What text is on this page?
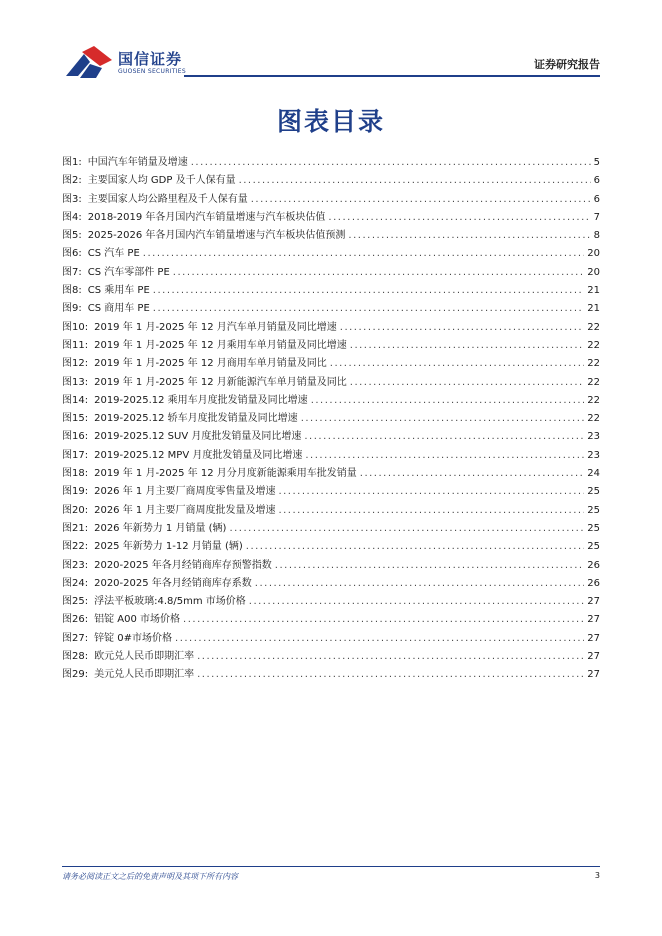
国信证券
GUOSEN SECURITIES
证券研究报告
图表目录
图1: 中国汽车年销量及增速 .....	5
图2: 主要国家人均 GDP 及千人保有量 .....	6
图3: 主要国家人均公路里程及千人保有量 .....	6
图4: 2018-2019 年各月国内汽车销量增速与汽车板块估值 .....	7
图5: 2025-2026 年各月国内汽车销量增速与汽车板块估值预测 .....	8
图6: CS 汽车 PE .....	20
图7: CS 汽车零部件 PE .....	20
图8: CS 乘用车 PE .....	21
图9: CS 商用车 PE .....	21
图10: 2019 年 1 月-2025 年 12 月汽车单月销量及同比增速 .....	22
图11: 2019 年 1 月-2025 年 12 月乘用车单月销量及同比增速 .....	22
图12: 2019 年 1 月-2025 年 12 月商用车单月销量及同比 .....	22
图13: 2019 年 1 月-2025 年 12 月新能源汽车单月销量及同比 .....	22
图14: 2019-2025.12 乘用车月度批发销量及同比增速 .....	22
图15: 2019-2025.12 轿车月度批发销量及同比增速 .....	22
图16: 2019-2025.12 SUV 月度批发销量及同比增速 .....	23
图17: 2019-2025.12 MPV 月度批发销量及同比增速 .....	23
图18: 2019 年 1 月-2025 年 12 月分月度新能源乘用车批发销量 .....	24
图19: 2026 年 1 月主要厂商周度零售量及增速 .....	25
图20: 2026 年 1 月主要厂商周度批发量及增速 .....	25
图21: 2026 年新势力 1 月销量 (辆) .....	25
图22: 2025 年新势力 1-12 月销量 (辆) .....	25
图23: 2020-2025 年各月经销商库存预警指数 .....	26
图24: 2020-2025 年各月经销商库存系数 .....	26
图25: 浮法平板玻璃:4.8/5mm 市场价格 .....	27
图26: 铝锭 A00 市场价格 .....	27
图27: 锌锭 0#市场价格 .....	27
图28: 欧元兑人民币即期汇率 .....	27
图29: 美元兑人民币即期汇率 .....	27
请务必阅读正文之后的免责声明及其项下所有内容	3
